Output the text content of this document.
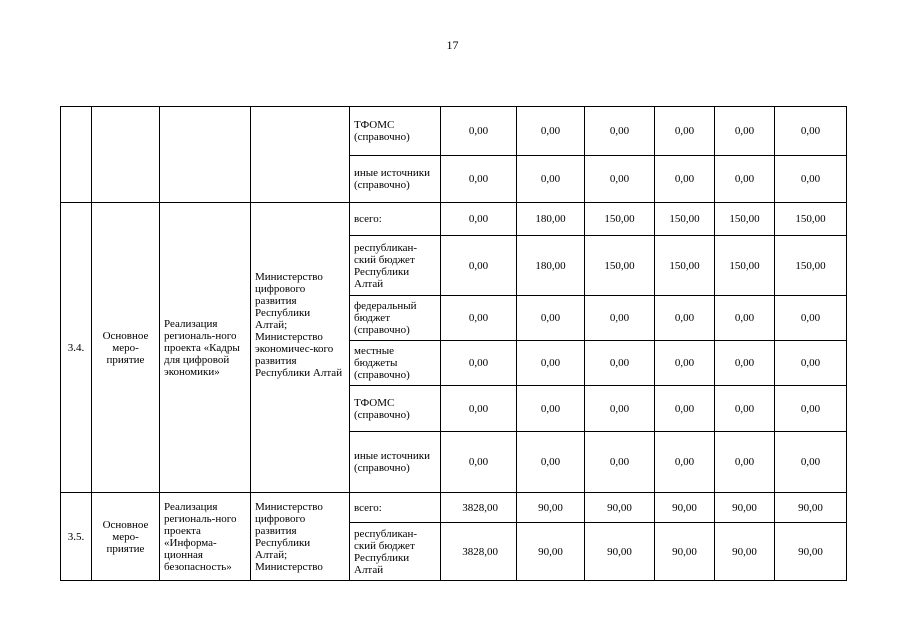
17
				ТФОМС (справочно)	0,00	0,00	0,00	0,00	0,00	0,00
				иные источники (справочно)	0,00	0,00	0,00	0,00	0,00	0,00
3.4.	Основное меро-приятие	Реализация региональ-ного проекта «Кадры для цифровой экономики»	Министерство цифрового развития Республики Алтай; Министерство экономичес-кого развития Республики Алтай	всего:	0,00	180,00	150,00	150,00	150,00	150,00
				республикан-ский бюджет Республики Алтай	0,00	180,00	150,00	150,00	150,00	150,00
				федеральный бюджет (справочно)	0,00	0,00	0,00	0,00	0,00	0,00
				местные бюджеты (справочно)	0,00	0,00	0,00	0,00	0,00	0,00
				ТФОМС (справочно)	0,00	0,00	0,00	0,00	0,00	0,00
				иные источники (справочно)	0,00	0,00	0,00	0,00	0,00	0,00
3.5.	Основное меро-приятие	Реализация региональ-ного проекта «Информа-ционная безопасность»	Министерство цифрового развития Республики Алтай; Министерство	всего:	3828,00	90,00	90,00	90,00	90,00	90,00
				республикан-ский бюджет Республики Алтай	3828,00	90,00	90,00	90,00	90,00	90,00
